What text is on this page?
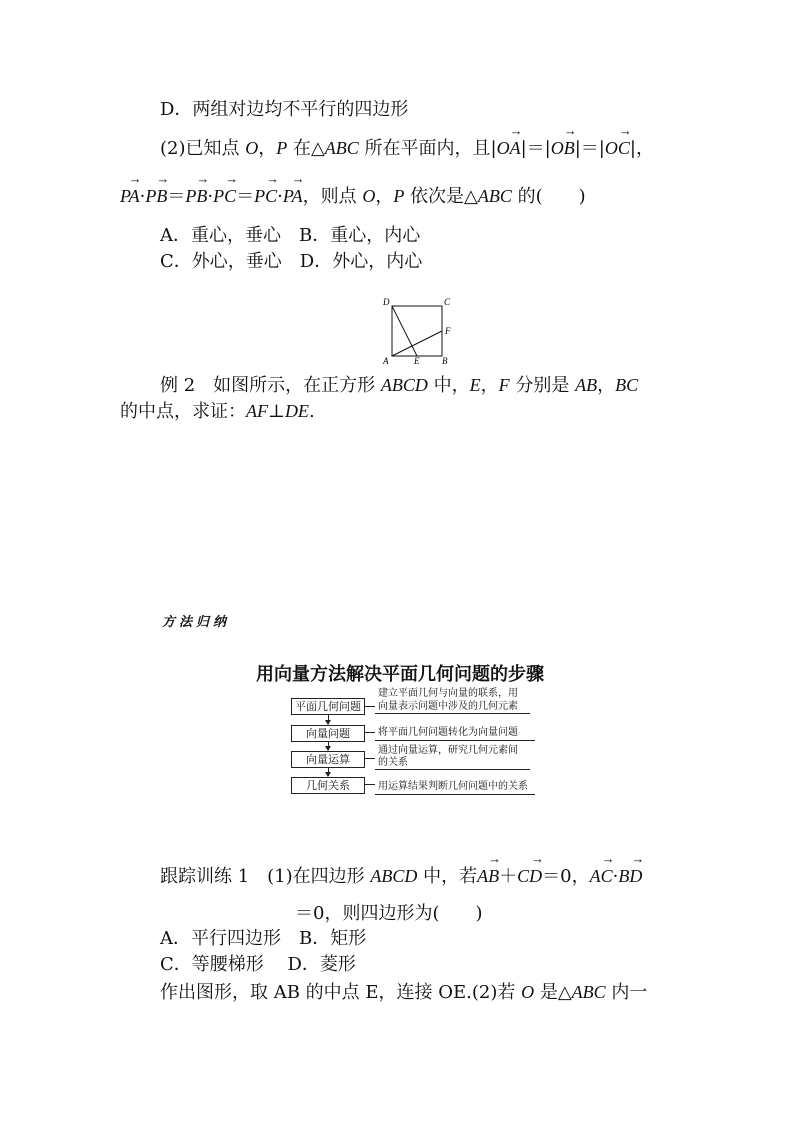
D．两组对边均不平行的四边形
(2)已知点 O，P 在△ABC 所在平面内，且|→ OA|＝|→ OB|＝|→ OC|，
→ PA·→ PB＝→ PB·→ PC＝→ PC·→ PA，则点 O，P 依次是△ABC 的(　　)
A．重心，垂心　B．重心，内心
C．外心，垂心　D．外心，内心
D	C
F
A	E	B
例 2　如图所示，在正方形 ABCD 中，E，F 分别是 AB，BC
的中点，求证：AF⊥DE.
方法归纳
用向量方法解决平面几何问题的步骤
平面几何问题
向量问题
向量运算
几何关系
建立平面几何与向量的联系，用
向量表示问题中涉及的几何元素
将平面几何问题转化为向量问题
通过向量运算，研究几何元素间
的关系
用运算结果判断几何问题中的关系
跟踪训练 1　(1)在四边形 ABCD 中，若→ AB＋→ CD＝0，→ AC·→ BD
＝0，则四边形为(　　)
A．平行四边形　B．矩形
C．等腰梯形　 D．菱形
作出图形，取 AB 的中点 E，连接 OE.(2)若 O 是△ABC 内一
